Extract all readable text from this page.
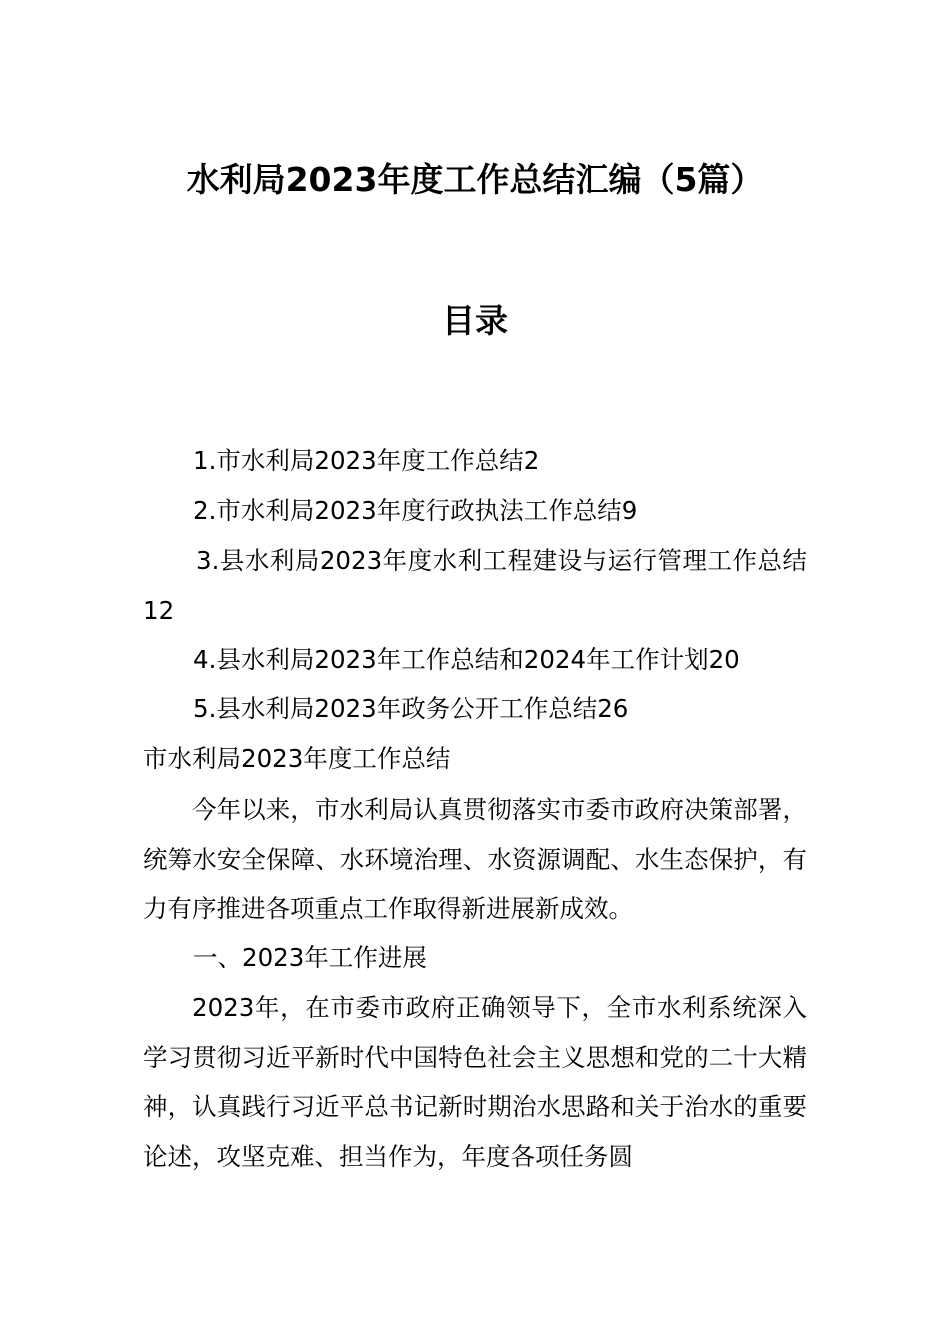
水利局2023年度工作总结汇编（5篇）
目录
1.市水利局2023年度工作总结2
2.市水利局2023年度行政执法工作总结9
3.县水利局2023年度水利工程建设与运行管理工作总结12
4.县水利局2023年工作总结和2024年工作计划20
5.县水利局2023年政务公开工作总结26
市水利局2023年度工作总结
今年以来，市水利局认真贯彻落实市委市政府决策部署，统筹水安全保障、水环境治理、水资源调配、水生态保护，有力有序推进各项重点工作取得新进展新成效。
一、2023年工作进展
2023年，在市委市政府正确领导下，全市水利系统深入学习贯彻习近平新时代中国特色社会主义思想和党的二十大精神，认真践行习近平总书记新时期治水思路和关于治水的重要论述，攻坚克难、担当作为，年度各项任务圆
